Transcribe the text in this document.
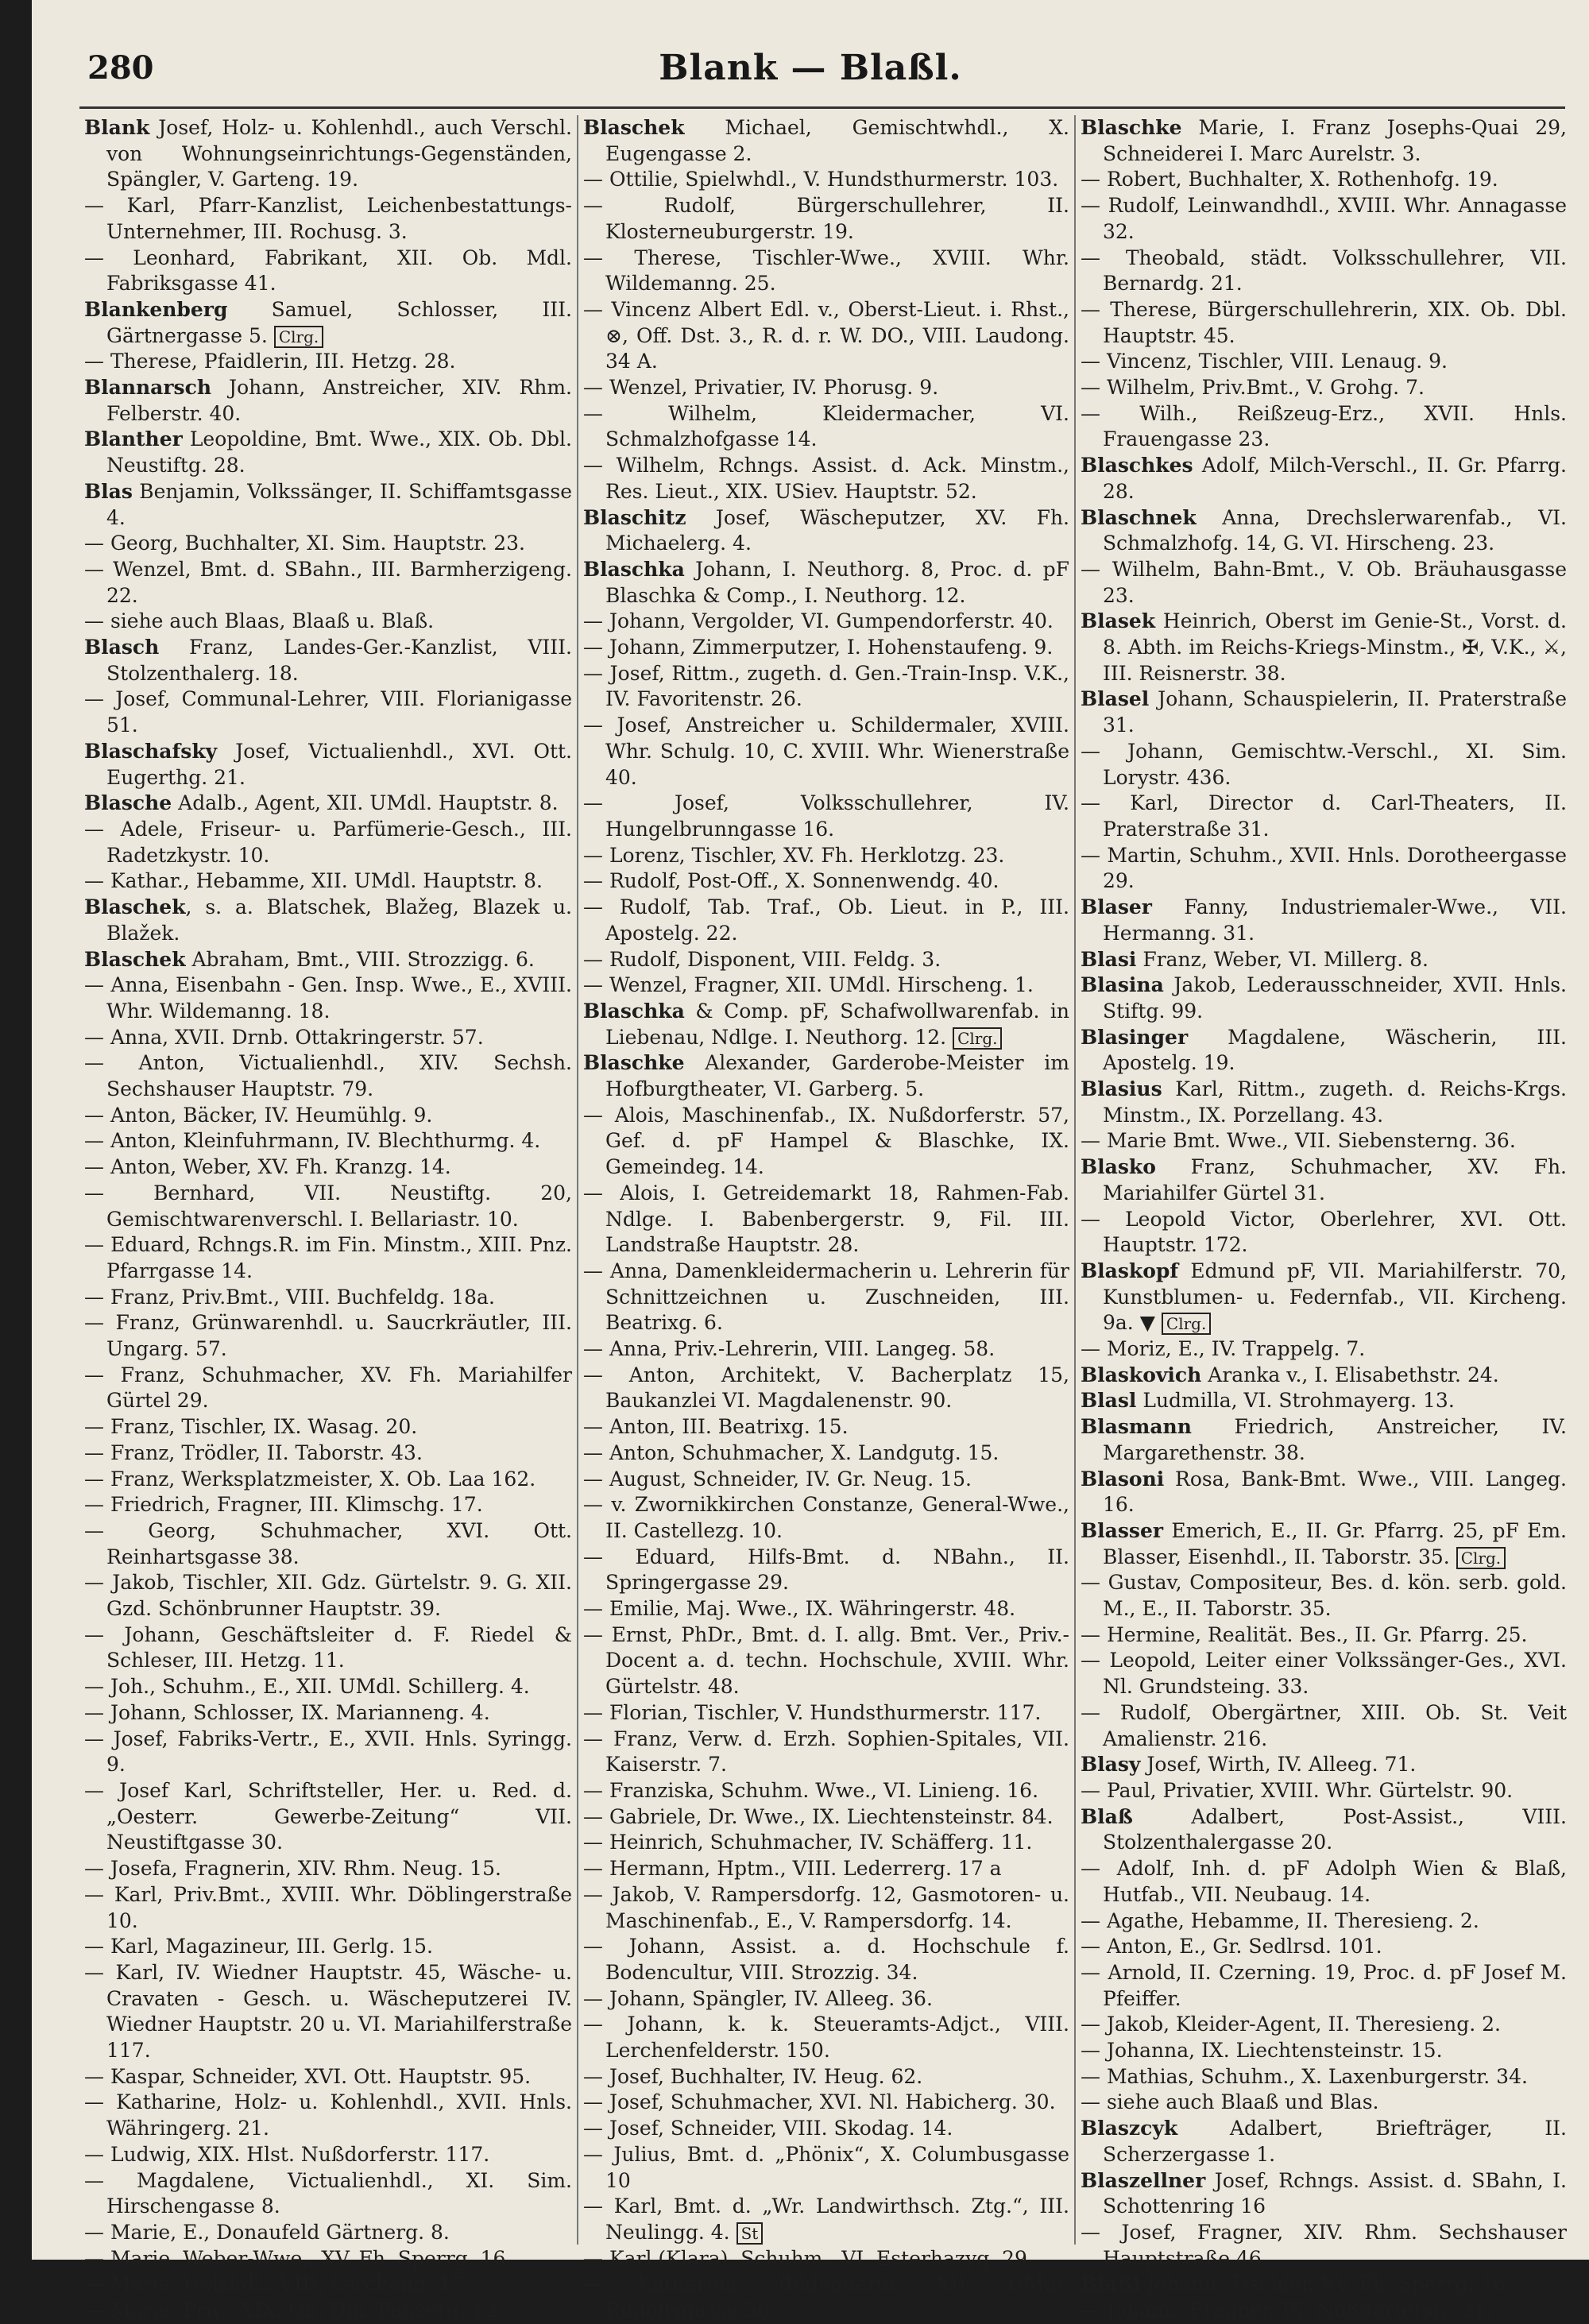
280	Blank — Blaßl.

Blank Josef, Holz- u. Kohlenhdl., auch Verschl. von Wohnungseinrichtungs-Gegenständen, Spängler, V. Garteng. 19.

— Karl, Pfarr-Kanzlist, Leichenbestattungs-Unternehmer, III. Rochusg. 3.

— Leonhard, Fabrikant, XII. Ob. Mdl. Fabriksgasse 41.

Blankenberg Samuel, Schlosser, III. Gärtnergasse 5. Clrg.

— Therese, Pfaidlerin, III. Hetzg. 28.

Blannarsch Johann, Anstreicher, XIV. Rhm. Felberstr. 40.

Blanther Leopoldine, Bmt. Wwe., XIX. Ob. Dbl. Neustiftg. 28.

Blas Benjamin, Volkssänger, II. Schiffamtsgasse 4.

— Georg, Buchhalter, XI. Sim. Hauptstr. 23.

— Wenzel, Bmt. d. SBahn., III. Barmherzigeng. 22.

— siehe auch Blaas, Blaaß u. Blaß.

Blasch Franz, Landes-Ger.-Kanzlist, VIII. Stolzenthalerg. 18.

— Josef, Communal-Lehrer, VIII. Florianigasse 51.

Blaschafsky Josef, Victualienhdl., XVI. Ott. Eugerthg. 21.

Blasche Adalb., Agent, XII. UMdl. Hauptstr. 8.

— Adele, Friseur- u. Parfümerie-Gesch., III. Radetzkystr. 10.

— Kathar., Hebamme, XII. UMdl. Hauptstr. 8.

Blaschek, s. a. Blatschek, Blažeg, Blazek u. Blažek.

Blaschek Abraham, Bmt., VIII. Strozzigg. 6.

— Anna, Eisenbahn - Gen. Insp. Wwe., E., XVIII. Whr. Wildemanng. 18.

— Anna, XVII. Drnb. Ottakringerstr. 57.

— Anton, Victualienhdl., XIV. Sechsh. Sechshauser Hauptstr. 79.

— Anton, Bäcker, IV. Heumühlg. 9.

— Anton, Kleinfuhrmann, IV. Blechthurmg. 4.

— Anton, Weber, XV. Fh. Kranzg. 14.

— Bernhard, VII. Neustiftg. 20, Gemischtwarenverschl. I. Bellariastr. 10.

— Eduard, Rchngs.R. im Fin. Minstm., XIII. Pnz. Pfarrgasse 14.

— Franz, Priv.Bmt., VIII. Buchfeldg. 18a.

— Franz, Grünwarenhdl. u. Saucrkräutler, III. Ungarg. 57.

— Franz, Schuhmacher, XV. Fh. Mariahilfer Gürtel 29.

— Franz, Tischler, IX. Wasag. 20.

— Franz, Trödler, II. Taborstr. 43.

— Franz, Werksplatzmeister, X. Ob. Laa 162.

— Friedrich, Fragner, III. Klimschg. 17.

— Georg, Schuhmacher, XVI. Ott. Reinhartsgasse 38.

— Jakob, Tischler, XII. Gdz. Gürtelstr. 9. G. XII. Gzd. Schönbrunner Hauptstr. 39.

— Johann, Geschäftsleiter d. F. Riedel & Schleser, III. Hetzg. 11.

— Joh., Schuhm., E., XII. UMdl. Schillerg. 4.

— Johann, Schlosser, IX. Marianneng. 4.

— Josef, Fabriks-Vertr., E., XVII. Hnls. Syringg. 9.

— Josef Karl, Schriftsteller, Her. u. Red. d. „Oesterr. Gewerbe-Zeitung“ VII. Neustiftgasse 30.

— Josefa, Fragnerin, XIV. Rhm. Neug. 15.

— Karl, Priv.Bmt., XVIII. Whr. Döblingerstraße 10.

— Karl, Magazineur, III. Gerlg. 15.

— Karl, IV. Wiedner Hauptstr. 45, Wäsche- u. Cravaten - Gesch. u. Wäscheputzerei IV. Wiedner Hauptstr. 20 u. VI. Mariahilferstraße 117.

— Kaspar, Schneider, XVI. Ott. Hauptstr. 95.

— Katharine, Holz- u. Kohlenhdl., XVII. Hnls. Währingerg. 21.

— Ludwig, XIX. Hlst. Nußdorferstr. 117.

— Magdalene, Victualienhdl., XI. Sim. Hirschengasse 8.

— Marie, E., Donaufeld Gärtnerg. 8.

— Marie, Weber-Wwe., XV. Fh. Sperrg. 16.

— Marie, Holzhdl., VIII. Lercheng. 17.

— Marie, Priv., XIX. Ob. Dbl. Panzerg. 12.

Blaschek Michael, Gemischtwhdl., X. Eugengasse 2.

— Ottilie, Spielwhdl., V. Hundsthurmerstr. 103.

— Rudolf, Bürgerschullehrer, II. Klosterneuburgerstr. 19.

— Therese, Tischler-Wwe., XVIII. Whr. Wildemanng. 25.

— Vincenz Albert Edl. v., Oberst-Lieut. i. Rhst., ⊗, Off. Dst. 3., R. d. r. W. DO., VIII. Laudong. 34 A.

— Wenzel, Privatier, IV. Phorusg. 9.

— Wilhelm, Kleidermacher, VI. Schmalzhofgasse 14.

— Wilhelm, Rchngs. Assist. d. Ack. Minstm., Res. Lieut., XIX. USiev. Hauptstr. 52.

Blaschitz Josef, Wäscheputzer, XV. Fh. Michaelerg. 4.

Blaschka Johann, I. Neuthorg. 8, Proc. d. pF Blaschka & Comp., I. Neuthorg. 12.

— Johann, Vergolder, VI. Gumpendorferstr. 40.

— Johann, Zimmerputzer, I. Hohenstaufeng. 9.

— Josef, Rittm., zugeth. d. Gen.-Train-Insp. V.K., IV. Favoritenstr. 26.

— Josef, Anstreicher u. Schildermaler, XVIII. Whr. Schulg. 10, C. XVIII. Whr. Wienerstraße 40.

— Josef, Volksschullehrer, IV. Hungelbrunngasse 16.

— Lorenz, Tischler, XV. Fh. Herklotzg. 23.

— Rudolf, Post-Off., X. Sonnenwendg. 40.

— Rudolf, Tab. Traf., Ob. Lieut. in P., III. Apostelg. 22.

— Rudolf, Disponent, VIII. Feldg. 3.

— Wenzel, Fragner, XII. UMdl. Hirscheng. 1.

Blaschka & Comp. pF, Schafwollwarenfab. in Liebenau, Ndlge. I. Neuthorg. 12. Clrg.

Blaschke Alexander, Garderobe-Meister im Hofburgtheater, VI. Garberg. 5.

— Alois, Maschinenfab., IX. Nußdorferstr. 57, Gef. d. pF Hampel & Blaschke, IX. Gemeindeg. 14.

— Alois, I. Getreidemarkt 18, Rahmen-Fab. Ndlge. I. Babenbergerstr. 9, Fil. III. Landstraße Hauptstr. 28.

— Anna, Damenkleidermacherin u. Lehrerin für Schnittzeichnen u. Zuschneiden, III. Beatrixg. 6.

— Anna, Priv.-Lehrerin, VIII. Langeg. 58.

— Anton, Architekt, V. Bacherplatz 15, Baukanzlei VI. Magdalenenstr. 90.

— Anton, III. Beatrixg. 15.

— Anton, Schuhmacher, X. Landgutg. 15.

— August, Schneider, IV. Gr. Neug. 15.

— v. Zwornikkirchen Constanze, General-Wwe., II. Castellezg. 10.

— Eduard, Hilfs-Bmt. d. NBahn., II. Springergasse 29.

— Emilie, Maj. Wwe., IX. Währingerstr. 48.

— Ernst, PhDr., Bmt. d. I. allg. Bmt. Ver., Priv.-Docent a. d. techn. Hochschule, XVIII. Whr. Gürtelstr. 48.

— Florian, Tischler, V. Hundsthurmerstr. 117.

— Franz, Verw. d. Erzh. Sophien-Spitales, VII. Kaiserstr. 7.

— Franziska, Schuhm. Wwe., VI. Linieng. 16.

— Gabriele, Dr. Wwe., IX. Liechtensteinstr. 84.

— Heinrich, Schuhmacher, IV. Schäfferg. 11.

— Hermann, Hptm., VIII. Lederrerg. 17 a

— Jakob, V. Rampersdorfg. 12, Gasmotoren- u. Maschinenfab., E., V. Rampersdorfg. 14.

— Johann, Assist. a. d. Hochschule f. Bodencultur, VIII. Strozzig. 34.

— Johann, Spängler, IV. Alleeg. 36.

— Johann, k. k. Steueramts-Adjct., VIII. Lerchenfelderstr. 150.

— Josef, Buchhalter, IV. Heug. 62.

— Josef, Schuhmacher, XVI. Nl. Habicherg. 30.

— Josef, Schneider, VIII. Skodag. 14.

— Julius, Bmt. d. „Phönix“, X. Columbusgasse 10

— Karl, Bmt. d. „Wr. Landwirthsch. Ztg.“, III. Neulingg. 4. St

— Karl (Klara), Schuhm., VI. Esterhazyg. 29.

— Katharina, Bildhauerin, XII. UMdl. Rudolfsgasse 56.

Blaschke Marie, I. Franz Josephs-Quai 29, Schneiderei I. Marc Aurelstr. 3.

— Robert, Buchhalter, X. Rothenhofg. 19.

— Rudolf, Leinwandhdl., XVIII. Whr. Annagasse 32.

— Theobald, städt. Volksschullehrer, VII. Bernardg. 21.

— Therese, Bürgerschullehrerin, XIX. Ob. Dbl. Hauptstr. 45.

— Vincenz, Tischler, VIII. Lenaug. 9.

— Wilhelm, Priv.Bmt., V. Grohg. 7.

— Wilh., Reißzeug-Erz., XVII. Hnls. Frauengasse 23.

Blaschkes Adolf, Milch-Verschl., II. Gr. Pfarrg. 28.

Blaschnek Anna, Drechslerwarenfab., VI. Schmalzhofg. 14, G. VI. Hirscheng. 23.

— Wilhelm, Bahn-Bmt., V. Ob. Bräuhausgasse 23.

Blasek Heinrich, Oberst im Genie-St., Vorst. d. 8. Abth. im Reichs-Kriegs-Minstm., ✠, V.K., ⚔, III. Reisnerstr. 38.

Blasel Johann, Schauspielerin, II. Praterstraße 31.

— Johann, Gemischtw.-Verschl., XI. Sim. Lorystr. 436.

— Karl, Director d. Carl-Theaters, II. Praterstraße 31.

— Martin, Schuhm., XVII. Hnls. Dorotheergasse 29.

Blaser Fanny, Industriemaler-Wwe., VII. Hermanng. 31.

Blasi Franz, Weber, VI. Millerg. 8.

Blasina Jakob, Lederausschneider, XVII. Hnls. Stiftg. 99.

Blasinger Magdalene, Wäscherin, III. Apostelg. 19.

Blasius Karl, Rittm., zugeth. d. Reichs-Krgs. Minstm., IX. Porzellang. 43.

— Marie Bmt. Wwe., VII. Siebensterng. 36.

Blasko Franz, Schuhmacher, XV. Fh. Mariahilfer Gürtel 31.

— Leopold Victor, Oberlehrer, XVI. Ott. Hauptstr. 172.

Blaskopf Edmund pF, VII. Mariahilferstr. 70, Kunstblumen- u. Federnfab., VII. Kircheng. 9a. ▼ Clrg.

— Moriz, E., IV. Trappelg. 7.

Blaskovich Aranka v., I. Elisabethstr. 24.

Blasl Ludmilla, VI. Strohmayerg. 13.

Blasmann Friedrich, Anstreicher, IV. Margarethenstr. 38.

Blasoni Rosa, Bank-Bmt. Wwe., VIII. Langeg. 16.

Blasser Emerich, E., II. Gr. Pfarrg. 25, pF Em. Blasser, Eisenhdl., II. Taborstr. 35. Clrg.

— Gustav, Compositeur, Bes. d. kön. serb. gold. M., E., II. Taborstr. 35.

— Hermine, Realität. Bes., II. Gr. Pfarrg. 25.

— Leopold, Leiter einer Volkssänger-Ges., XVI. Nl. Grundsteing. 33.

— Rudolf, Obergärtner, XIII. Ob. St. Veit Amalienstr. 216.

Blasy Josef, Wirth, IV. Alleeg. 71.

— Paul, Privatier, XVIII. Whr. Gürtelstr. 90.

Blaß Adalbert, Post-Assist., VIII. Stolzenthalergasse 20.

— Adolf, Inh. d. pF Adolph Wien & Blaß, Hutfab., VII. Neubaug. 14.

— Agathe, Hebamme, II. Theresieng. 2.

— Anton, E., Gr. Sedlrsd. 101.

— Arnold, II. Czerning. 19, Proc. d. pF Josef M. Pfeiffer.

— Jakob, Kleider-Agent, II. Theresieng. 2.

— Johanna, IX. Liechtensteinstr. 15.

— Mathias, Schuhm., X. Laxenburgerstr. 34.

— siehe auch Blaaß und Blas.

Blaszcyk Adalbert, Briefträger, II. Scherzergasse 1.

Blaszellner Josef, Rchngs. Assist. d. SBahn, I. Schottenring 16

— Josef, Fragner, XIV. Rhm. Sechshauser Hauptstraße 46.

Blaßl Johann, Tischler, XV. Fh. Sperrg. 16.

— Johann, Fragner, IX. Nußdorferstr. 31.
